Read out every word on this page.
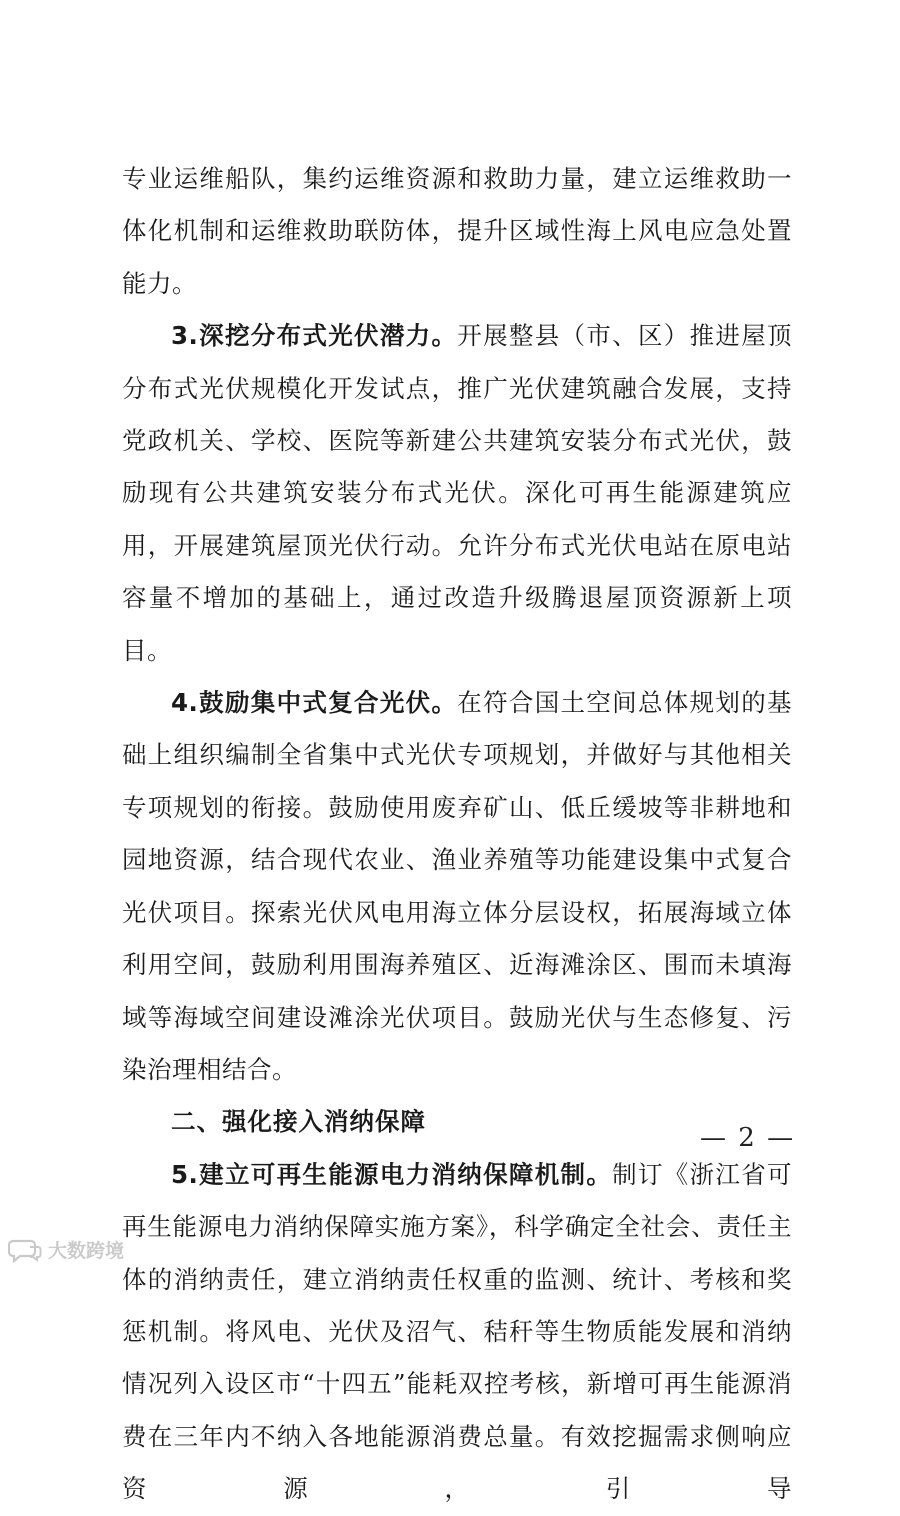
专业运维船队，集约运维资源和救助力量，建立运维救助一体化机制和运维救助联防体，提升区域性海上风电应急处置能力。

3.深挖分布式光伏潜力。开展整县（市、区）推进屋顶分布式光伏规模化开发试点，推广光伏建筑融合发展，支持党政机关、学校、医院等新建公共建筑安装分布式光伏，鼓励现有公共建筑安装分布式光伏。深化可再生能源建筑应用，开展建筑屋顶光伏行动。允许分布式光伏电站在原电站容量不增加的基础上，通过改造升级腾退屋顶资源新上项目。

4.鼓励集中式复合光伏。在符合国土空间总体规划的基础上组织编制全省集中式光伏专项规划，并做好与其他相关专项规划的衔接。鼓励使用废弃矿山、低丘缓坡等非耕地和园地资源，结合现代农业、渔业养殖等功能建设集中式复合光伏项目。探索光伏风电用海立体分层设权，拓展海域立体利用空间，鼓励利用围海养殖区、近海滩涂区、围而未填海域等海域空间建设滩涂光伏项目。鼓励光伏与生态修复、污染治理相结合。

二、强化接入消纳保障

5.建立可再生能源电力消纳保障机制。制订《浙江省可再生能源电力消纳保障实施方案》，科学确定全社会、责任主体的消纳责任，建立消纳责任权重的监测、统计、考核和奖惩机制。将风电、光伏及沼气、秸秆等生物质能发展和消纳情况列入设区市“十四五”能耗双控考核，新增可再生能源消费在三年内不纳入各地能源消费总量。有效挖掘需求侧响应资源，引导

— 2 —
大数跨境
